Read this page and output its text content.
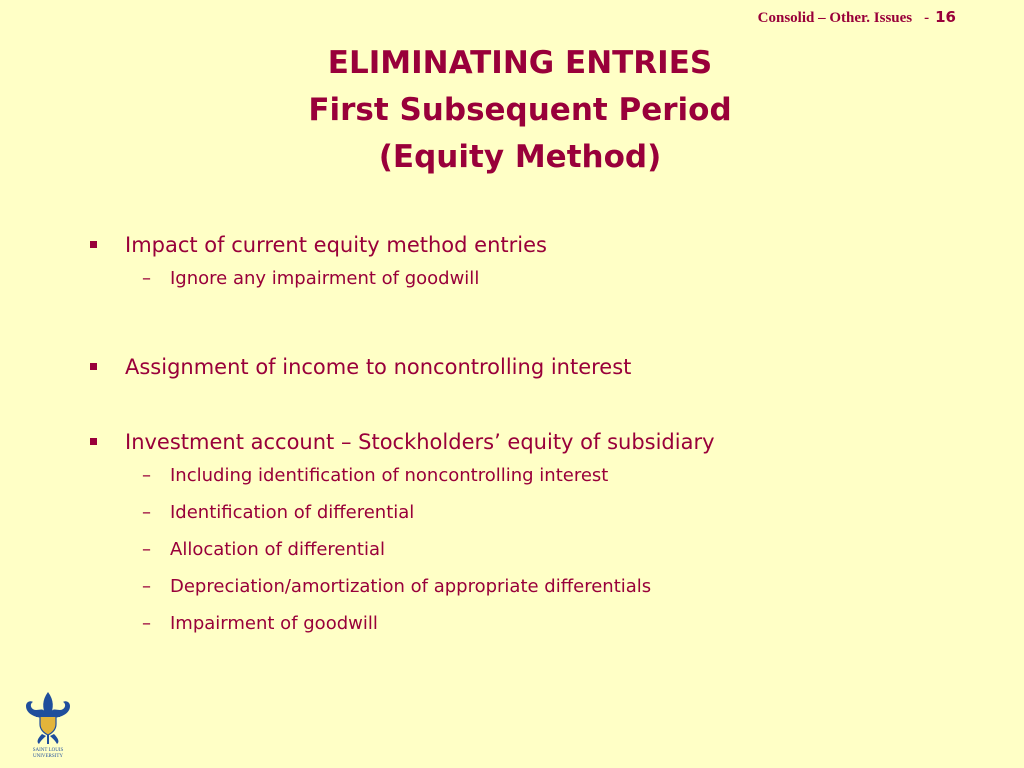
Consolid – Other. Issues - 16
ELIMINATING ENTRIES
First Subsequent Period
(Equity Method)
Impact of current equity method entries
– Ignore any impairment of goodwill
Assignment of income to noncontrolling interest
Investment account – Stockholders’ equity of subsidiary
– Including identification of noncontrolling interest
– Identification of differential
– Allocation of differential
– Depreciation/amortization of appropriate differentials
– Impairment of goodwill
SAINT LOUIS
UNIVERSITY
